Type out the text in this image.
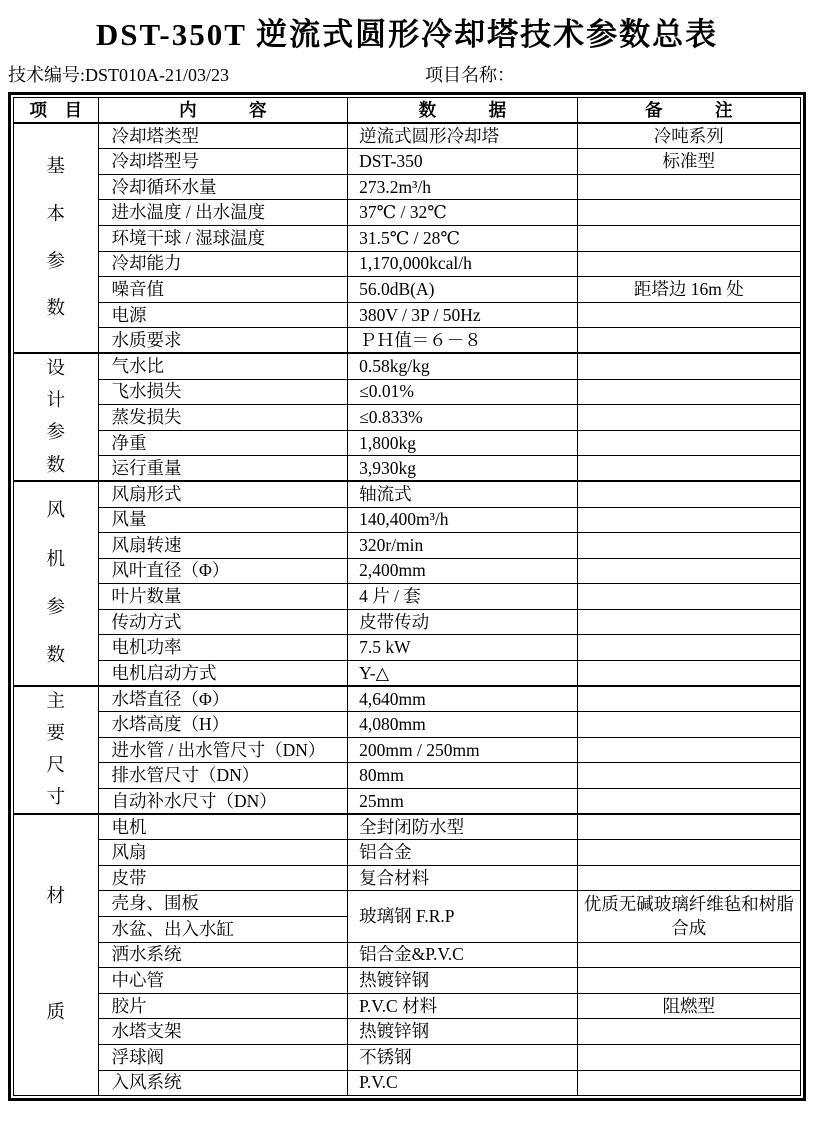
DST-350T 逆流式圆形冷却塔技术参数总表
技术编号:DST010A-21/03/23	项目名称：
项　目	内　　　容	数　　　据	备　　　注

基
本
参
数	冷却塔类型	逆流式圆形冷却塔	冷吨系列
	冷却塔型号	DST-350	标准型
	冷却循环水量	273.2m³/h	
	进水温度 / 出水温度	37℃ / 32℃	
	环境干球 / 湿球温度	31.5℃ / 28℃	
	冷却能力	1,170,000kcal/h	
	噪音值	56.0dB(A)	距塔边 16m 处
	电源	380V / 3P / 50Hz	
	水质要求	ＰＨ值＝６－８	

设
计
参
数	气水比	0.58kg/kg	
	飞水损失	≤0.01%	
	蒸发损失	≤0.833%	
	净重	1,800kg	
	运行重量	3,930kg	

风
机
参
数	风扇形式	轴流式	
	风量	140,400m³/h	
	风扇转速	320r/min	
	风叶直径（Φ）	2,400mm	
	叶片数量	4 片 / 套	
	传动方式	皮带传动	
	电机功率	7.5 kW	
	电机启动方式	Y-△	

主
要
尺
寸	水塔直径（Φ）	4,640mm	
	水塔高度（H）	4,080mm	
	进水管 / 出水管尺寸（DN）	200mm / 250mm	
	排水管尺寸（DN）	80mm	
	自动补水尺寸（DN）	25mm	

材
质	电机	全封闭防水型	
	风扇	铝合金	
	皮带	复合材料	
	壳身、围板	玻璃钢 F.R.P	优质无碱玻璃纤维毡和树脂合成
	水盆、出入水缸		
	洒水系统	铝合金&P.V.C	
	中心管	热镀锌钢	
	胶片	P.V.C 材料	阻燃型
	水塔支架	热镀锌钢	
	浮球阀	不锈钢	
	入风系统	P.V.C	
